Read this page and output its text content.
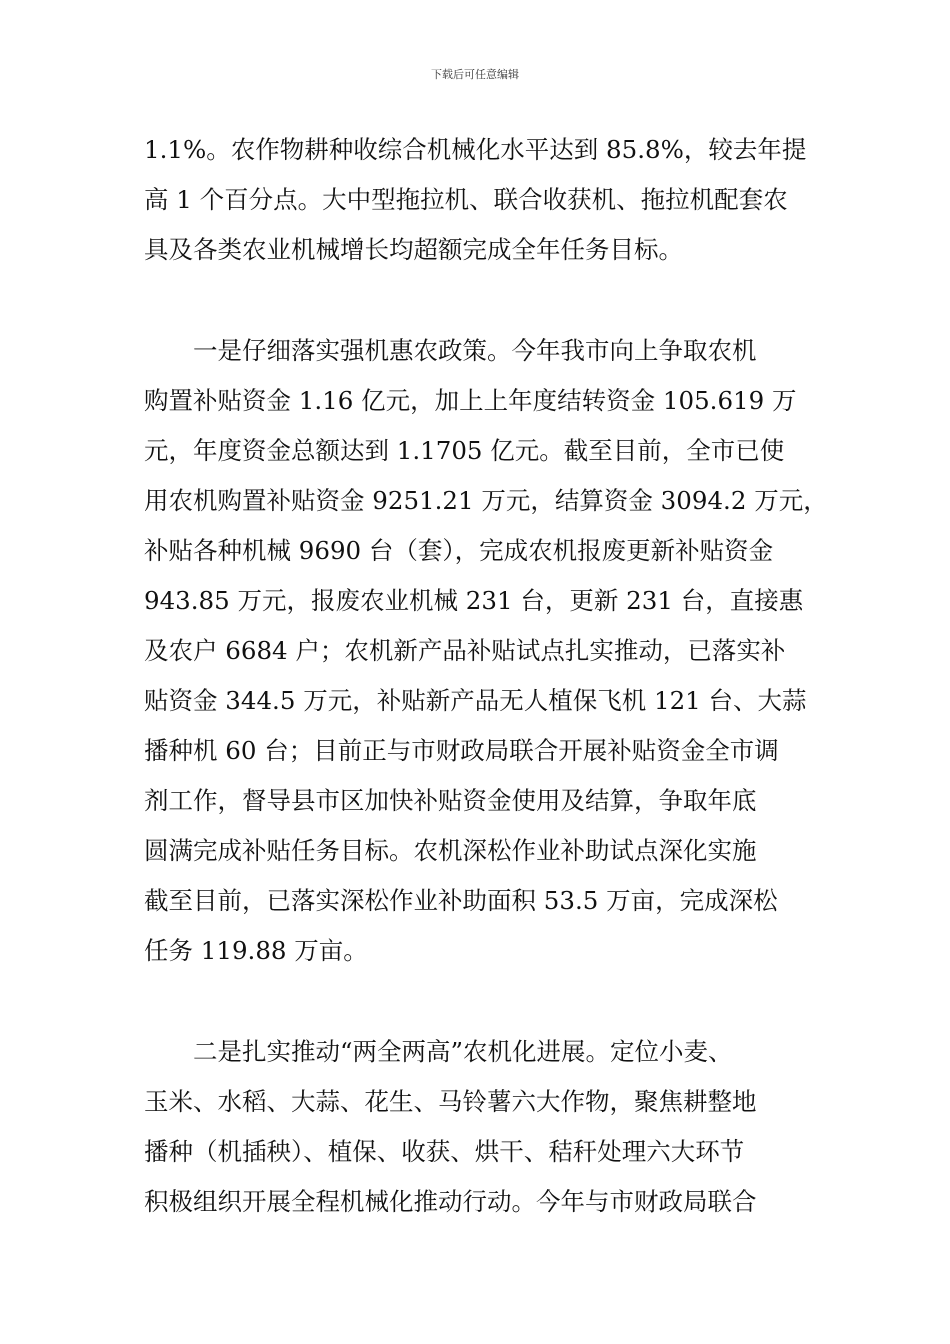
下载后可任意编辑
1.1%。农作物耕种收综合机械化水平达到 85.8%，较去年提
高 1 个百分点。大中型拖拉机、联合收获机、拖拉机配套农
具及各类农业机械增长均超额完成全年任务目标。
　　一是仔细落实强机惠农政策。今年我市向上争取农机
购置补贴资金 1.16 亿元，加上上年度结转资金 105.619 万
元，年度资金总额达到 1.1705 亿元。截至目前，全市已使
用农机购置补贴资金 9251.21 万元，结算资金 3094.2 万元，
补贴各种机械 9690 台（套），完成农机报废更新补贴资金
943.85 万元，报废农业机械 231 台，更新 231 台，直接惠
及农户 6684 户；农机新产品补贴试点扎实推动，已落实补
贴资金 344.5 万元，补贴新产品无人植保飞机 121 台、大蒜
播种机 60 台；目前正与市财政局联合开展补贴资金全市调
剂工作，督导县市区加快补贴资金使用及结算，争取年底
圆满完成补贴任务目标。农机深松作业补助试点深化实施
截至目前，已落实深松作业补助面积 53.5 万亩，完成深松
任务 119.88 万亩。
　　二是扎实推动“两全两高”农机化进展。定位小麦、
玉米、水稻、大蒜、花生、马铃薯六大作物，聚焦耕整地
播种（机插秧）、植保、收获、烘干、秸秆处理六大环节
积极组织开展全程机械化推动行动。今年与市财政局联合
